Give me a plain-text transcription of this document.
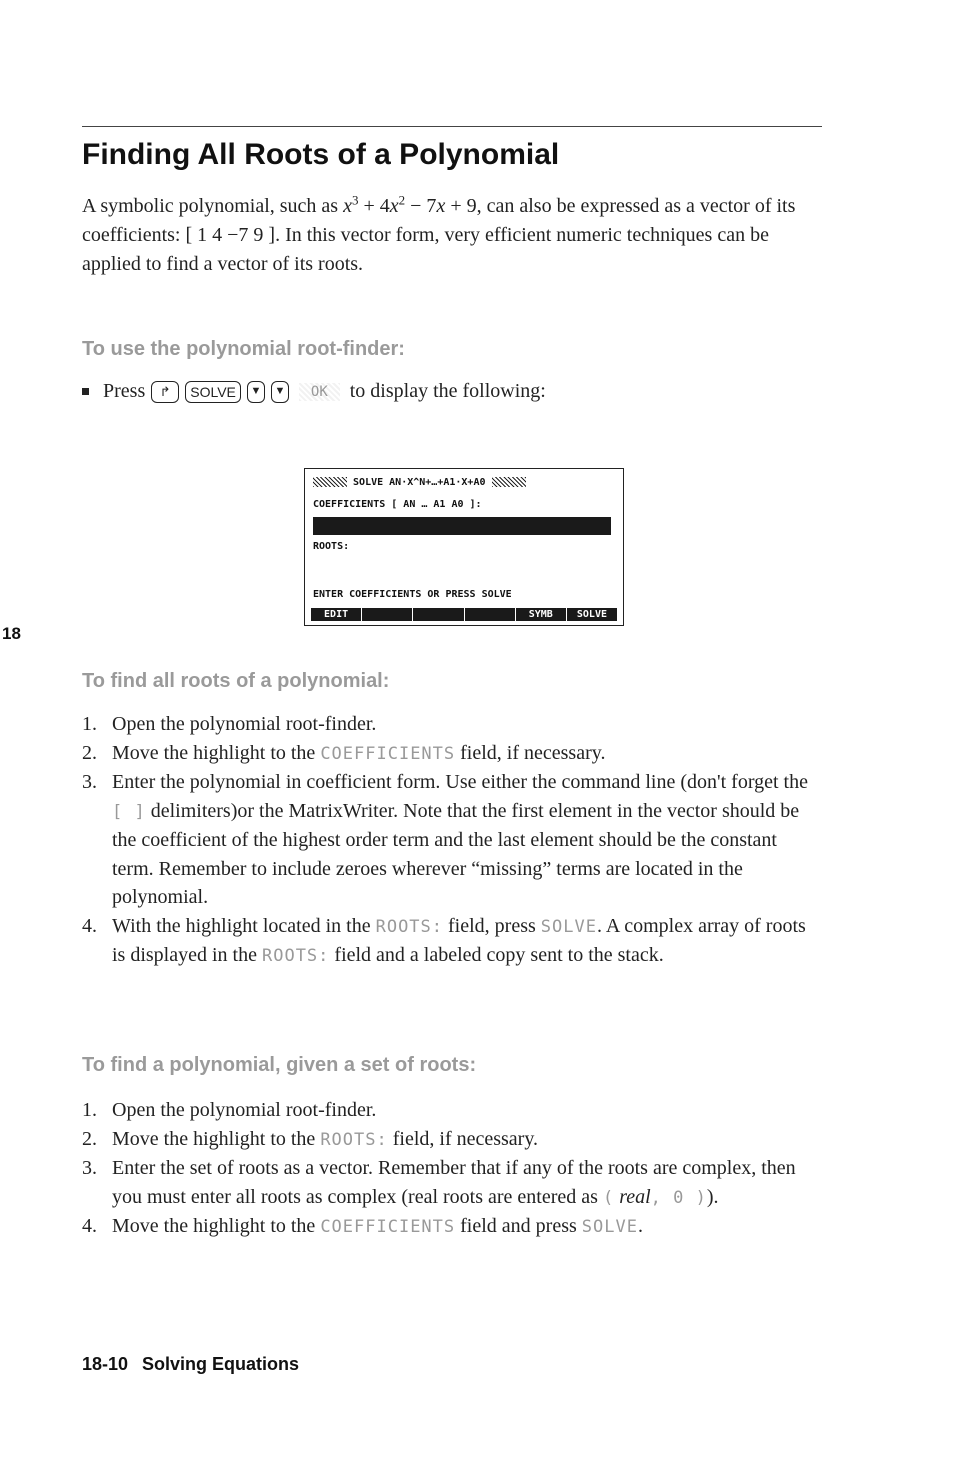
Finding All Roots of a Polynomial

A symbolic polynomial, such as $x^3 + 4x^2 - 7x + 9$, can also be expressed as a vector of its coefficients: [ 1 4 −7 9 ]. In this vector form, very efficient numeric techniques can be applied to find a vector of its roots.

To use the polynomial root-finder:
Press	↱	SOLVE	▼	▼	OK	to display the following:
SOLVE AN·X^N+…+A1·X+A0
COEFFICIENTS [ AN … A1 A0 ]:
ROOTS:
ENTER COEFFICIENTS OR PRESS SOLVE
EDIT	SYMB	SOLVE
18
To find all roots of a polynomial:
1. Open the polynomial root-finder.
2. Move the highlight to the COEFFICIENTS field, if necessary.
3. Enter the polynomial in coefficient form. Use either the command line (don't forget the [ ] delimiters)or the MatrixWriter. Note that the first element in the vector should be the coefficient of the highest order term and the last element should be the constant term. Remember to include zeroes wherever “missing” terms are located in the polynomial.
4. With the highlight located in the ROOTS: field, press SOLVE. A complex array of roots is displayed in the ROOTS: field and a labeled copy sent to the stack.
To find a polynomial, given a set of roots:
1. Open the polynomial root-finder.
2. Move the highlight to the ROOTS: field, if necessary.
3. Enter the set of roots as a vector. Remember that if any of the roots are complex, then you must enter all roots as complex (real roots are entered as ( real, 0 )).
4. Move the highlight to the COEFFICIENTS field and press SOLVE.
18-10 Solving Equations
